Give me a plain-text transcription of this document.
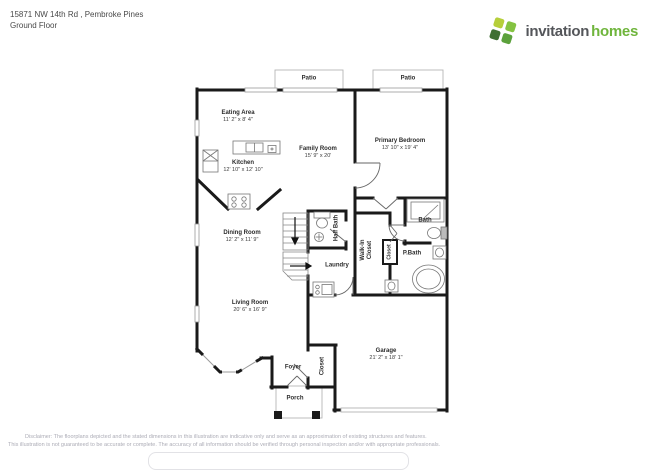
15871 NW 14th Rd , Pembroke Pines
Ground Floor	invitation homes
Patio	Patio
Eating Area
11' 2" x 8' 4"
Kitchen
12' 10" x 12' 10"
Family Room
15' 9" x 20'
Primary Bedroom
13' 10" x 19' 4"
Dining Room
12' 2" x 11' 9"	Half Bath
Laundry
Walk-In Closet	Closet
Bath
P.Bath
Living Room
20' 6" x 16' 9"
Foyer	Closet
Garage
21' 2" x 18' 1"
Porch
Disclaimer: The floorplans depicted and the stated dimensions in this illustration are indicative only and serve as an approximation of existing structures and features.
This illustration is not guaranteed to be accurate or complete. The accuracy of all information should be verified through personal inspection and/or with appropriate professionals.
